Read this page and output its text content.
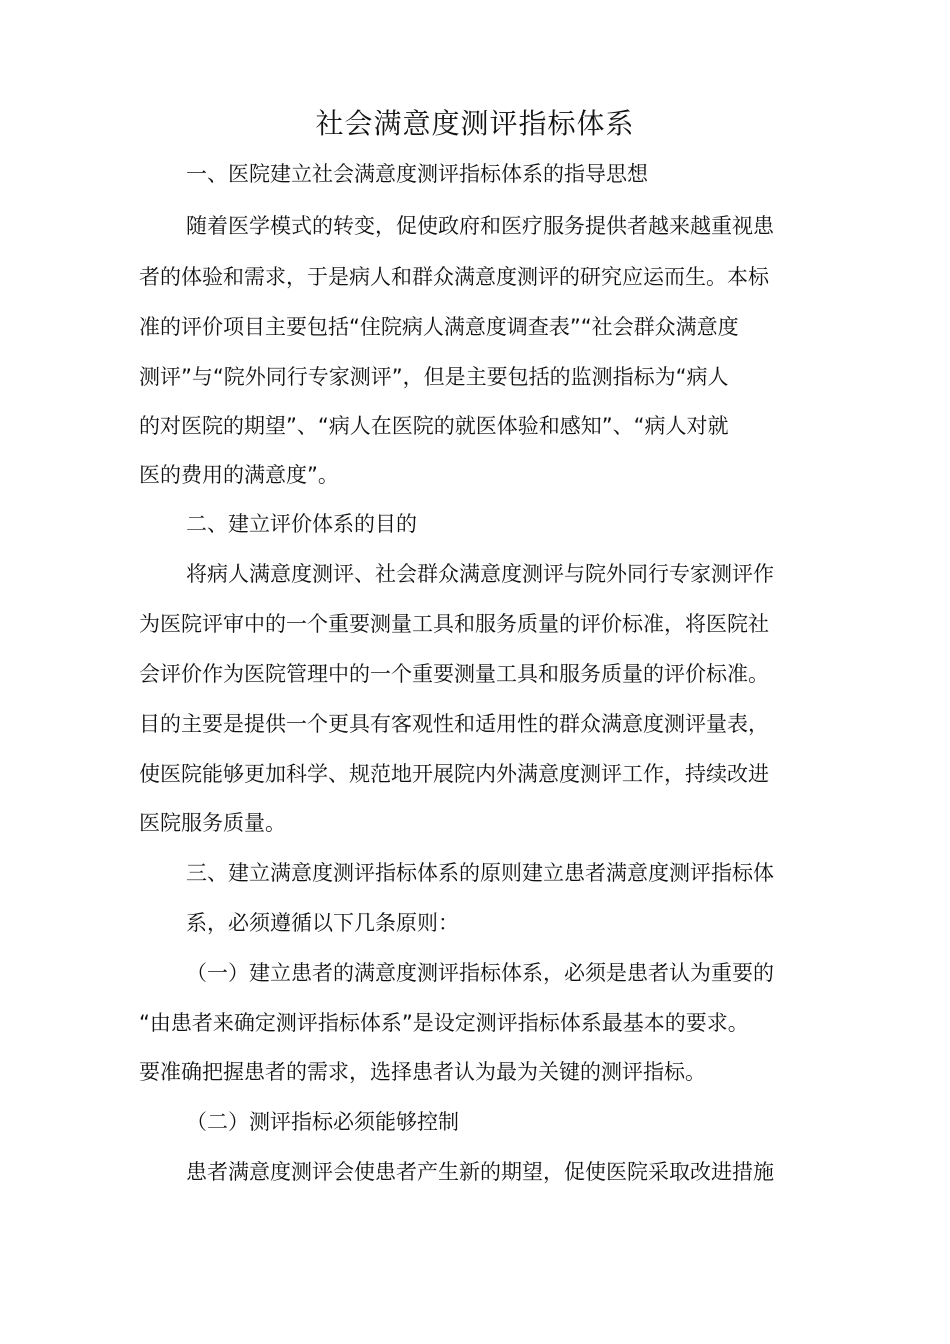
社会满意度测评指标体系
一、医院建立社会满意度测评指标体系的指导思想
随着医学模式的转变，促使政府和医疗服务提供者越来越重视患
者的体验和需求，于是病人和群众满意度测评的研究应运而生。本标
准的评价项目主要包括“住院病人满意度调查表”“社会群众满意度
测评”与“院外同行专家测评”，但是主要包括的监测指标为“病人
的对医院的期望”、“病人在医院的就医体验和感知”、“病人对就
医的费用的满意度”。
二、建立评价体系的目的
将病人满意度测评、社会群众满意度测评与院外同行专家测评作
为医院评审中的一个重要测量工具和服务质量的评价标准，将医院社
会评价作为医院管理中的一个重要测量工具和服务质量的评价标准。
目的主要是提供一个更具有客观性和适用性的群众满意度测评量表，
使医院能够更加科学、规范地开展院内外满意度测评工作，持续改进
医院服务质量。
三、建立满意度测评指标体系的原则建立患者满意度测评指标体
系，必须遵循以下几条原则：
（一）建立患者的满意度测评指标体系，必须是患者认为重要的
“由患者来确定测评指标体系”是设定测评指标体系最基本的要求。
要准确把握患者的需求，选择患者认为最为关键的测评指标。
（二）测评指标必须能够控制
患者满意度测评会使患者产生新的期望，促使医院采取改进措施
